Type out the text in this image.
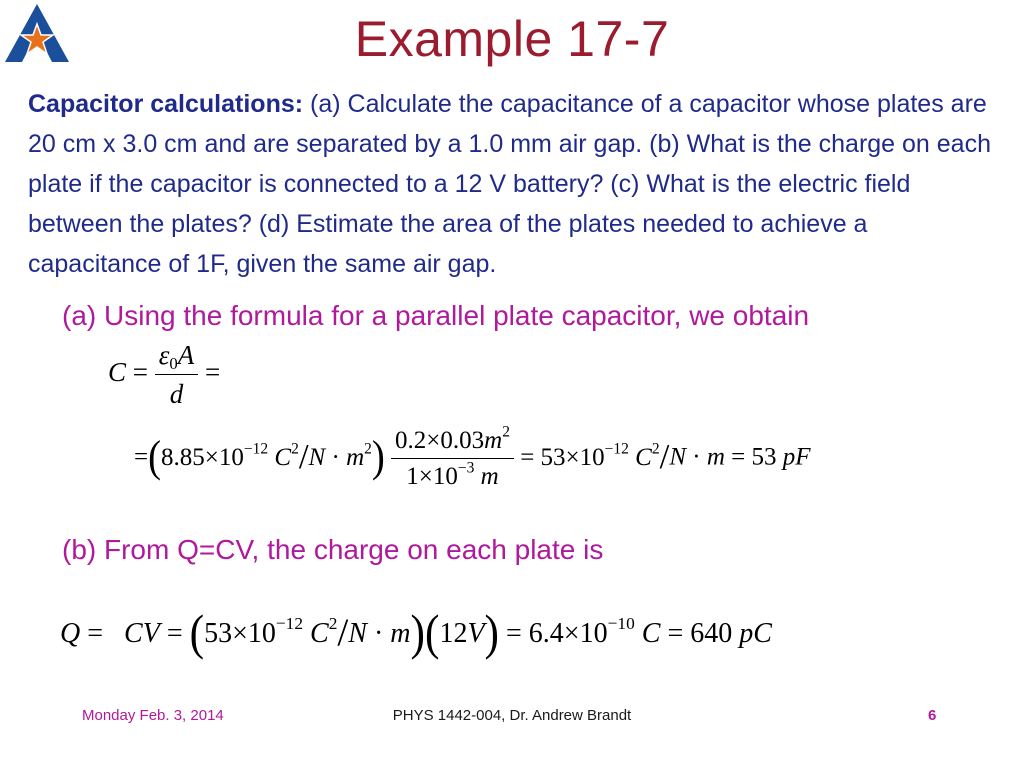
Example 17-7
Capacitor calculations: (a) Calculate the capacitance of a capacitor whose plates are 20 cm x 3.0 cm and are separated by a 1.0 mm air gap. (b) What is the charge on each plate if the capacitor is connected to a 12 V battery? (c) What is the electric field between the plates? (d) Estimate the area of the plates needed to achieve a capacitance of 1F, given the same air gap.
(a) Using the formula for a parallel plate capacitor, we obtain
$C = \frac{\varepsilon_0A}{d}$ =
$=(8.85\times 10^{-12}$ $C^2/N \cdot m^2) \frac{0.2\times 0.03m^2}{1\times 10^{-3} m} = 53\times 10^{-12}$ $C^2/N \cdot m = 53$ pF
(b) From Q=CV, the charge on each plate is
Q = CV = ($53\times 10^{-12}$ $C^2/N \cdot m)(12V) = 6.4\times 10^{-10}$ C = 640 pC
Monday Feb. 3, 2014	PHYS 1442-004, Dr. Andrew Brandt	6
